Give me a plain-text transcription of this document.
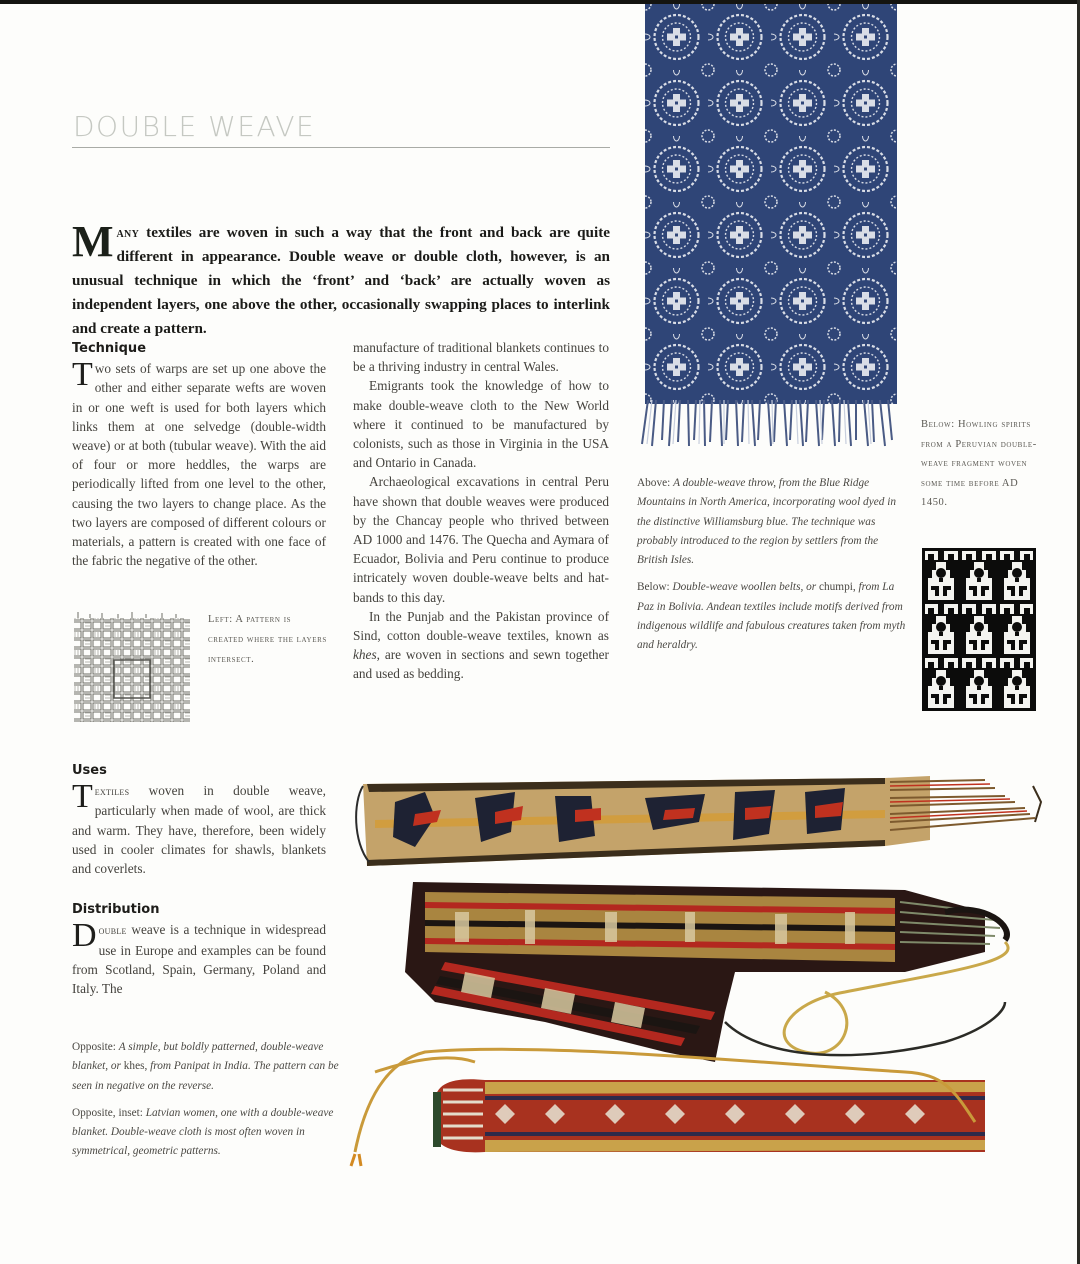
DOUBLE WEAVE
Many textiles are woven in such a way that the front and back are quite different in appearance. Double weave or double cloth, however, is an unusual technique in which the ‘front’ and ‘back’ are actually woven as independent layers, one above the other, occasionally swapping places to interlink and create a pattern.
Technique

Two sets of warps are set up one above the other and either separate wefts are woven in or one weft is used for both layers which links them at one selvedge (double-width weave) or at both (tubular weave). With the aid of four or more heddles, the warps are periodically lifted from one level to the other, causing the two layers to change place. As the two layers are composed of different colours or materials, a pattern is created with one face of the fabric the negative of the other.

Left: A pattern is created where the layers intersect.

manufacture of traditional blankets continues to be a thriving industry in central Wales.

Emigrants took the knowledge of how to make double-weave cloth to the New World where it continued to be manufactured by colonists, such as those in Virginia in the USA and Ontario in Canada.

Archaeological excavations in central Peru have shown that double weaves were produced by the Chancay people who thrived between AD 1000 and 1476. The Quecha and Aymara of Ecuador, Bolivia and Peru continue to produce intricately woven double-weave belts and hat-bands to this day.

In the Punjab and the Pakistan province of Sind, cotton double-weave textiles, known as khes, are woven in sections and sewn together and used as bedding.

Uses

Textiles woven in double weave, particularly when made of wool, are thick and warm. They have, therefore, been widely used in cooler climates for shawls, blankets and coverlets.

Distribution

Double weave is a technique in widespread use in Europe and examples can be found from Scotland, Spain, Germany, Poland and Italy. The

Above: A double-weave throw, from the Blue Ridge Mountains in North America, incorporating wool dyed in the distinctive Williamsburg blue. The technique was probably introduced to the region by settlers from the British Isles.

Below: Double-weave woollen belts, or chumpi, from La Paz in Bolivia. Andean textiles include motifs derived from indigenous wildlife and fabulous creatures taken from myth and heraldry.

Below: Howling spirits from a Peruvian double-weave fragment woven some time before AD 1450.

Opposite: A simple, but boldly patterned, double-weave blanket, or khes, from Panipat in India. The pattern can be seen in negative on the reverse.

Opposite, inset: Latvian women, one with a double-weave blanket. Double-weave cloth is most often woven in symmetrical, geometric patterns.
